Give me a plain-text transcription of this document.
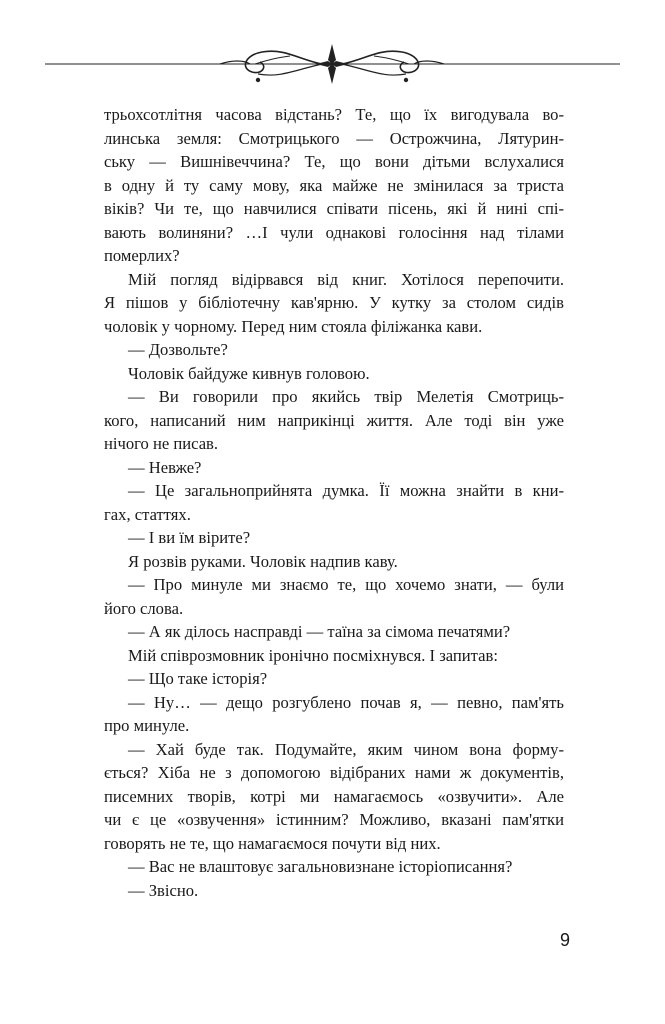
трьохсотлітня часова відстань? Те, що їх вигодувала во-
линська земля: Смотрицького — Острожчина, Лятурин-
ську — Вишнівеччина? Те, що вони дітьми вслухалися
в одну й ту саму мову, яка майже не змінилася за триста
віків? Чи те, що навчилися співати пісень, які й нині спі-
вають волиняни? …І чули однакові голосіння над тілами
померлих?
Мій погляд відірвався від книг. Хотілося перепочити.
Я пішов у бібліотечну кав'ярню. У кутку за столом сидів
чоловік у чорному. Перед ним стояла філіжанка кави.
— Дозвольте?
Чоловік байдуже кивнув головою.
— Ви говорили про якийсь твір Мелетія Смотриць-
кого, написаний ним наприкінці життя. Але тоді він уже
нічого не писав.
— Невже?
— Це загальноприйнята думка. Її можна знайти в кни-
гах, статтях.
— І ви їм вірите?
Я розвів руками. Чоловік надпив каву.
— Про минуле ми знаємо те, що хочемо знати, — були
його слова.
— А як ділось насправді — таїна за сімома печатями?
Мій співрозмовник іронічно посміхнувся. І запитав:
— Що таке історія?
— Ну… — дещо розгублено почав я, — певно, пам'ять
про минуле.
— Хай буде так. Подумайте, яким чином вона форму-
ється? Хіба не з допомогою відібраних нами ж документів,
писемних творів, котрі ми намагаємось «озвучити». Але
чи є це «озвучення» істинним? Можливо, вказані пам'ятки
говорять не те, що намагаємося почути від них.
— Вас не влаштовує загальновизнане історіописання?
— Звісно.
9
